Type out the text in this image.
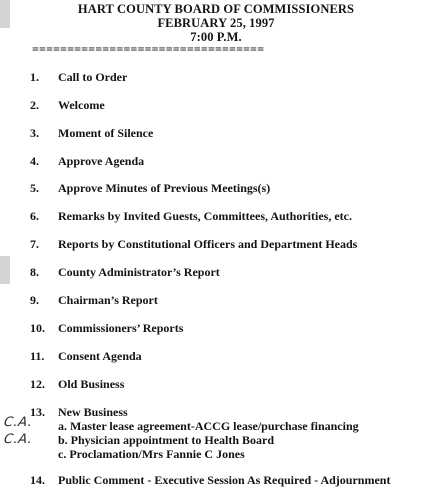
HART COUNTY BOARD OF COMMISSIONERS
FEBRUARY 25, 1997
7:00 P.M.
=================================
1. Call to Order
2. Welcome
3. Moment of Silence
4. Approve Agenda
5. Approve Minutes of Previous Meetings(s)
6. Remarks by Invited Guests, Committees, Authorities, etc.
7. Reports by Constitutional Officers and Department Heads
8. County Administrator’s Report
9. Chairman’s Report
10. Commissioners’ Reports
11. Consent Agenda
12. Old Business
13. New Business
a. Master lease agreement-ACCG lease/purchase financing
b. Physician appointment to Health Board
c. Proclamation/Mrs Fannie C Jones
C.A.
C.A.
14. Public Comment - Executive Session As Required - Adjournment
